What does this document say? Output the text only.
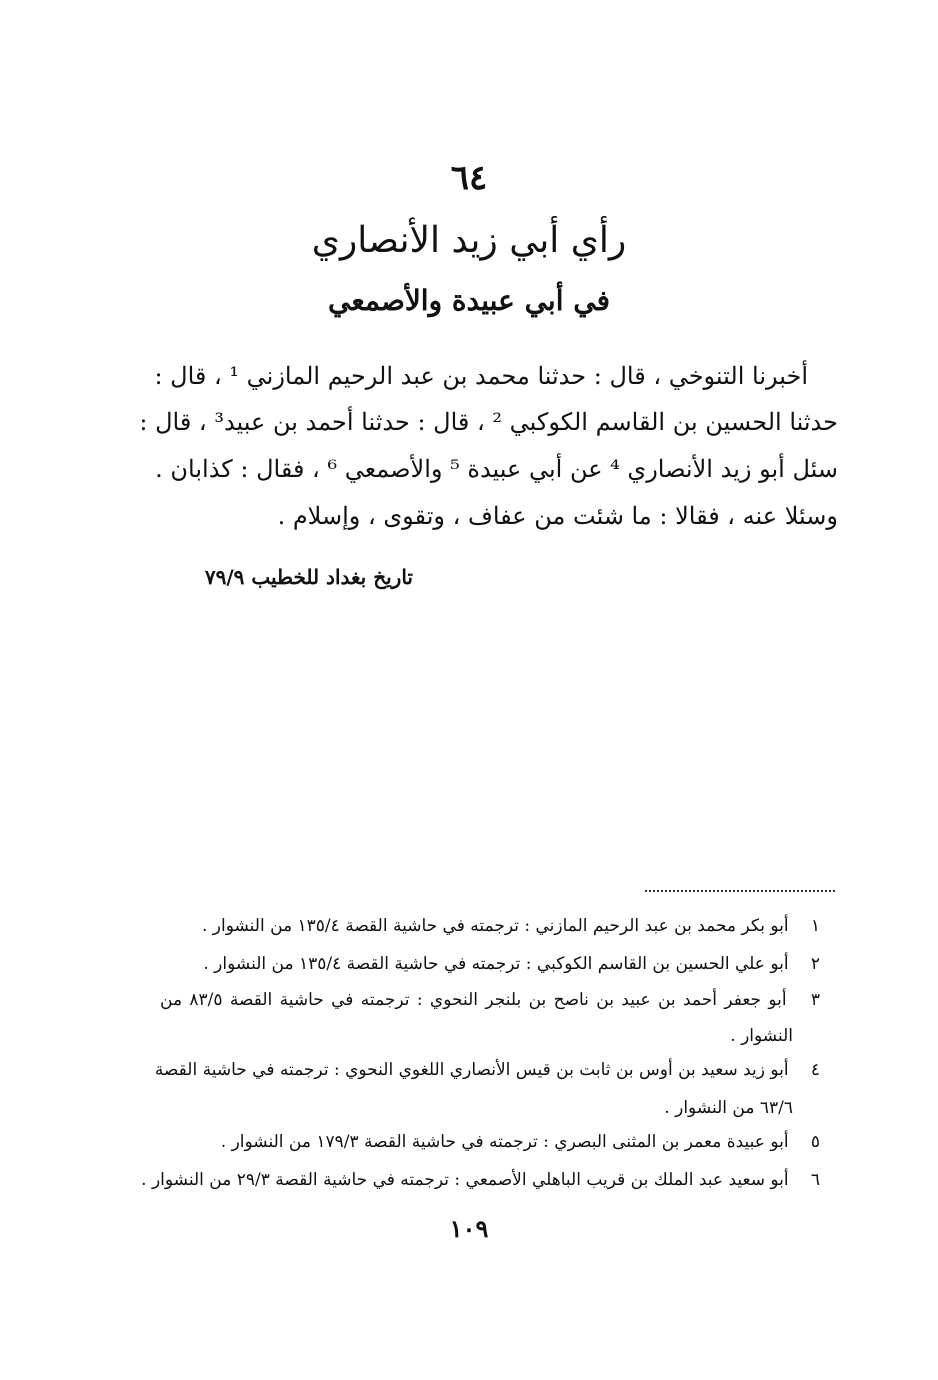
٦٤
رأي أبي زيد الأنصاري
في أبي عبيدة والأصمعي
أخبرنا التنوخي ، قال : حدثنا محمد بن عبد الرحيم المازني ¹ ، قال :
حدثنا الحسين بن القاسم الكوكبي ² ، قال : حدثنا أحمد بن عبيد³ ، قال :
سئل أبو زيد الأنصاري ⁴ عن أبي عبيدة ⁵ والأصمعي ⁶ ، فقال : كذابان .
وسئلا عنه ، فقالا : ما شئت من عفاف ، وتقوى ، وإسلام .
تاريخ بغداد للخطيب ٧٩/٩
١ أبو بكر محمد بن عبد الرحيم المازني : ترجمته في حاشية القصة ١٣٥/٤ من النشوار .
٢ أبو علي الحسين بن القاسم الكوكبي : ترجمته في حاشية القصة ١٣٥/٤ من النشوار .
٣ أبو جعفر أحمد بن عبيد بن ناصح بن بلنجر النحوي : ترجمته في حاشية القصة ٨٣/٥ من
النشوار .
٤ أبو زيد سعيد بن أوس بن ثابت بن قيس الأنصاري اللغوي النحوي : ترجمته في حاشية القصة
٦٣/٦ من النشوار .
٥ أبو عبيدة معمر بن المثنى البصري : ترجمته في حاشية القصة ١٧٩/٣ من النشوار .
٦ أبو سعيد عبد الملك بن قريب الباهلي الأصمعي : ترجمته في حاشية القصة ٢٩/٣ من النشوار .
١٠٩
